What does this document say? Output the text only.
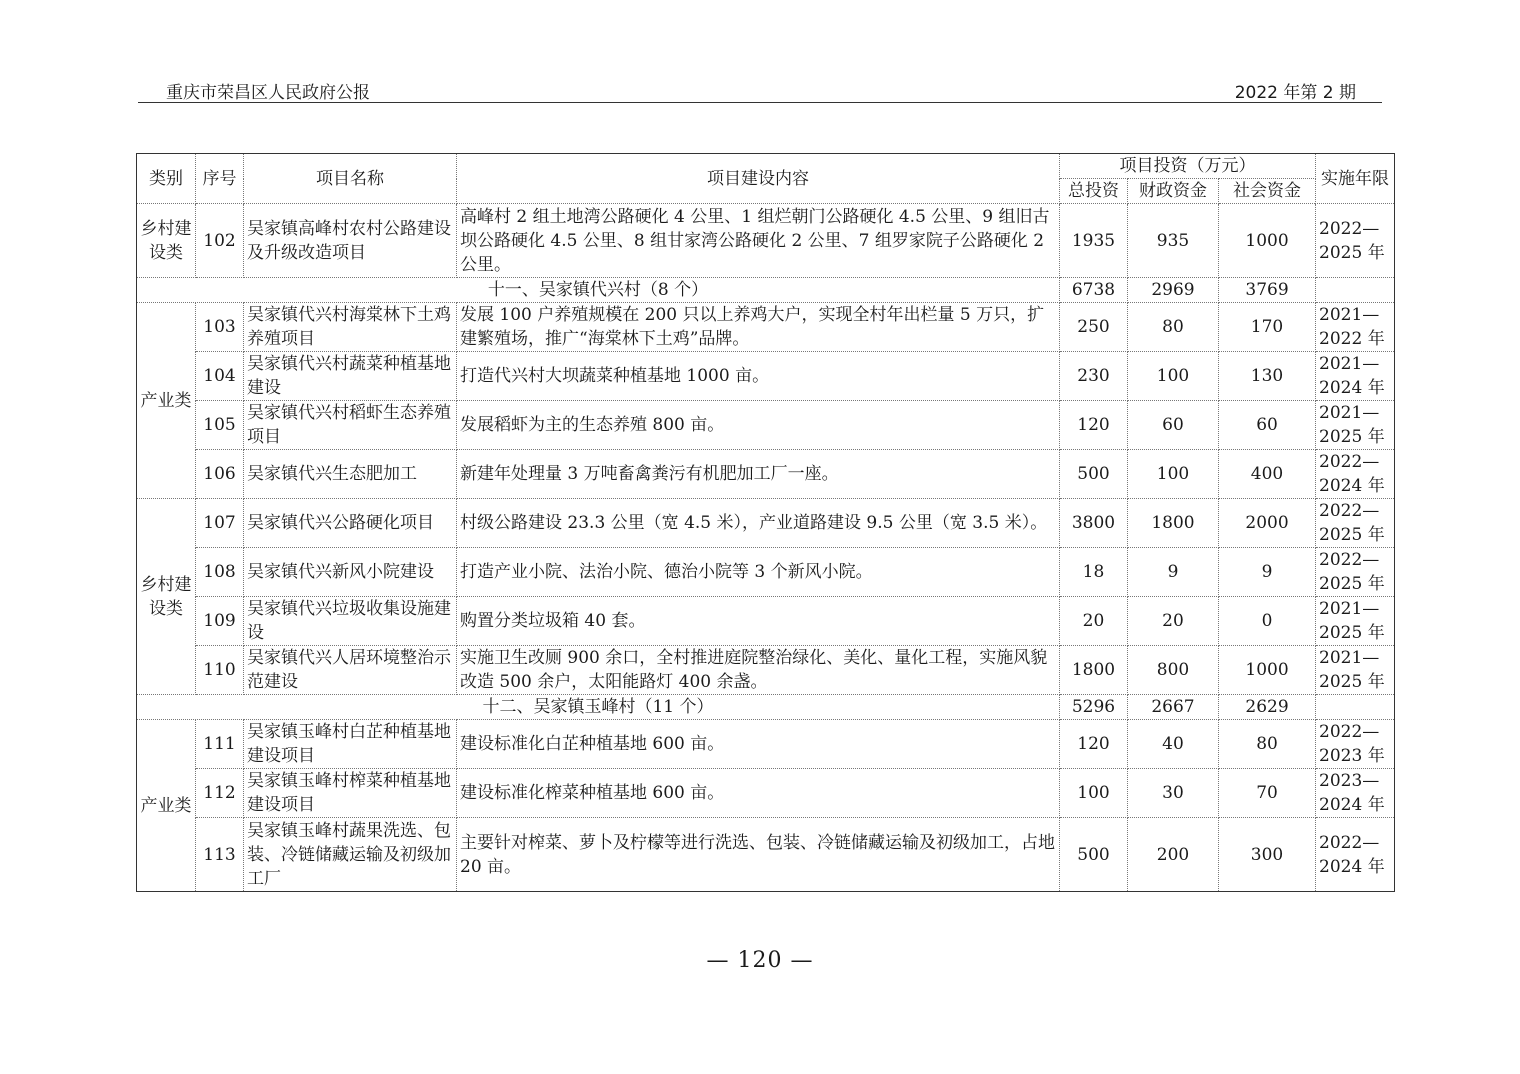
重庆市荣昌区人民政府公报	2022 年第 2 期
类别	序号	项目名称	项目建设内容	项目投资（万元）			实施年限
				总投资	财政资金	社会资金	
乡村建设类	102	吴家镇高峰村农村公路建设及升级改造项目	高峰村 2 组土地湾公路硬化 4 公里、1 组烂朝门公路硬化 4.5 公里、9 组旧古坝公路硬化 4.5 公里、8 组甘家湾公路硬化 2 公里、7 组罗家院子公路硬化 2 公里。	1935	935	1000	2022—2025 年
十一、吴家镇代兴村（8 个）				6738	2969	3769	
产业类	103	吴家镇代兴村海棠林下土鸡养殖项目	发展 100 户养殖规模在 200 只以上养鸡大户，实现全村年出栏量 5 万只，扩建繁殖场，推广“海棠林下土鸡”品牌。	250	80	170	2021—2022 年
	104	吴家镇代兴村蔬菜种植基地建设	打造代兴村大坝蔬菜种植基地 1000 亩。	230	100	130	2021—2024 年
	105	吴家镇代兴村稻虾生态养殖项目	发展稻虾为主的生态养殖 800 亩。	120	60	60	2021—2025 年
	106	吴家镇代兴生态肥加工	新建年处理量 3 万吨畜禽粪污有机肥加工厂一座。	500	100	400	2022—2024 年
乡村建设类	107	吴家镇代兴公路硬化项目	村级公路建设 23.3 公里（宽 4.5 米），产业道路建设 9.5 公里（宽 3.5 米）。	3800	1800	2000	2022—2025 年
	108	吴家镇代兴新风小院建设	打造产业小院、法治小院、德治小院等 3 个新风小院。	18	9	9	2022—2025 年
	109	吴家镇代兴垃圾收集设施建设	购置分类垃圾箱 40 套。	20	20	0	2021—2025 年
	110	吴家镇代兴人居环境整治示范建设	实施卫生改厕 900 余口，全村推进庭院整治绿化、美化、量化工程，实施风貌改造 500 余户，太阳能路灯 400 余盏。	1800	800	1000	2021—2025 年
十二、吴家镇玉峰村（11 个）				5296	2667	2629	
产业类	111	吴家镇玉峰村白芷种植基地建设项目	建设标准化白芷种植基地 600 亩。	120	40	80	2022—2023 年
	112	吴家镇玉峰村榨菜种植基地建设项目	建设标准化榨菜种植基地 600 亩。	100	30	70	2023—2024 年
	113	吴家镇玉峰村蔬果洗选、包装、冷链储藏运输及初级加工厂	主要针对榨菜、萝卜及柠檬等进行洗选、包装、冷链储藏运输及初级加工，占地 20 亩。	500	200	300	2022—2024 年
— 120 —
